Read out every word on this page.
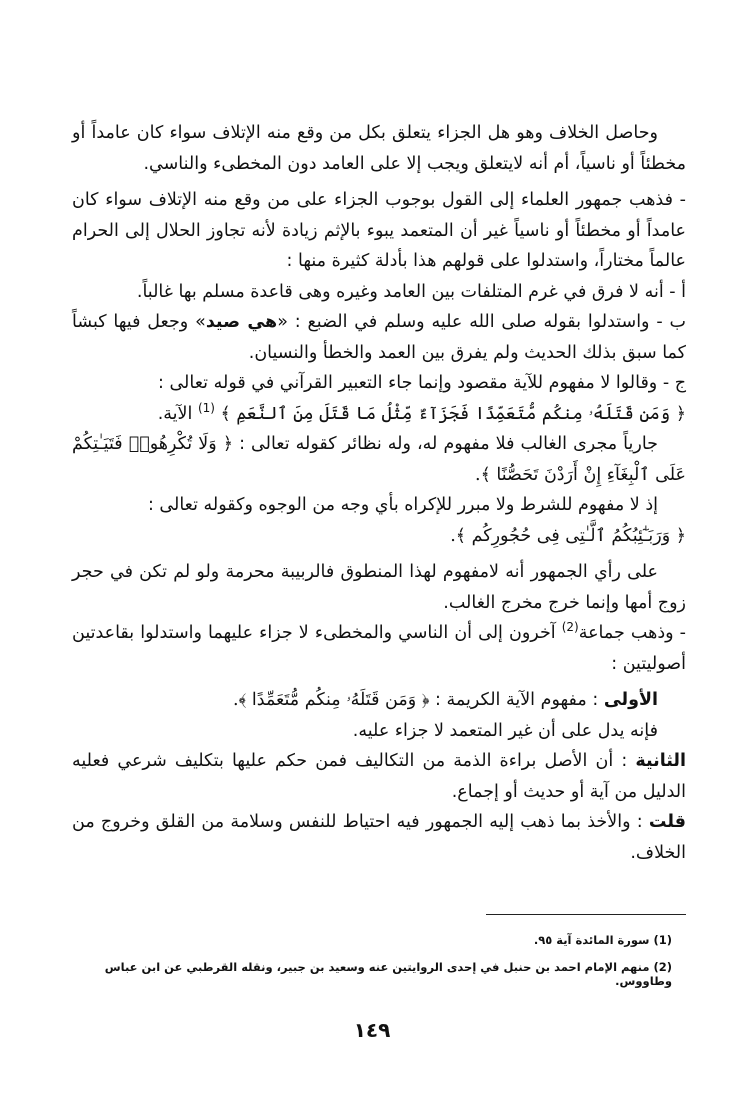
وحاصل الخلاف وهو هل الجزاء يتعلق بكل من وقع منه الإتلاف سواء كان عامداً أو مخطئاً أو ناسياً، أم أنه لايتعلق ويجب إلا على العامد دون المخطىء والناسي.

- فذهب جمهور العلماء إلى القول بوجوب الجزاء على من وقع منه الإتلاف سواء كان عامداً أو مخطئاً أو ناسياً غير أن المتعمد يبوء بالإثم زيادة لأنه تجاوز الحلال إلى الحرام عالماً مختاراً، واستدلوا على قولهم هذا بأدلة كثيرة منها :

أ - أنه لا فرق في غرم المتلفات بين العامد وغيره وهى قاعدة مسلم بها غالباً.

ب - واستدلوا بقوله صلى الله عليه وسلم في الضبع : «هي صيد» وجعل فيها كبشاً كما سبق بذلك الحديث ولم يفرق بين العمد والخطأ والنسيان.

ج - وقالوا لا مفهوم للآية مقصود وإنما جاء التعبير القرآني في قوله تعالى :
﴿ وَمَن قَتَلَهُۥ مِنكُم مُّتَعَمِّدًا فَجَزَآءٌ مِّثْلُ مَا قَتَلَ مِنَ ٱلنَّعَمِ ﴾ $^{(1)}$ الآية.

جارياً مجرى الغالب فلا مفهوم له، وله نظائر كقوله تعالى : ﴿ وَلَا تُكْرِهُوا۟ فَتَيَـٰتِكُمْ عَلَى ٱلْبِغَآءِ إِنْ أَرَدْنَ تَحَصُّنًا ﴾.

إذ لا مفهوم للشرط ولا مبرر للإكراه بأي وجه من الوجوه وكقوله تعالى :
﴿ وَرَبَـٰٓئِبُكُمُ ٱلَّـٰتِى فِى حُجُورِكُم ﴾.

على رأي الجمهور أنه لامفهوم لهذا المنطوق فالربيبة محرمة ولو لم تكن في حجر زوج أمها وإنما خرج مخرج الغالب.

- وذهب جماعة$^{(2)}$ آخرون إلى أن الناسي والمخطىء لا جزاء عليهما واستدلوا بقاعدتين أصوليتين :

الأولى : مفهوم الآية الكريمة : ﴿ وَمَن قَتَلَهُۥ مِنكُم مُّتَعَمِّدًا ﴾.

فإنه يدل على أن غير المتعمد لا جزاء عليه.

الثانية : أن الأصل براءة الذمة من التكاليف فمن حكم عليها بتكليف شرعي فعليه الدليل من آية أو حديث أو إجماع.

قلت : والأخذ بما ذهب إليه الجمهور فيه احتياط للنفس وسلامة من القلق وخروج من الخلاف.

(1) سورة المائدة آية ٩٥.
(2) منهم الإمام احمد بن حنبل في إحدى الروايتين عنه وسعيد بن جبير، ونقله القرطبي عن ابن عباس وطاووس.
١٤٩
